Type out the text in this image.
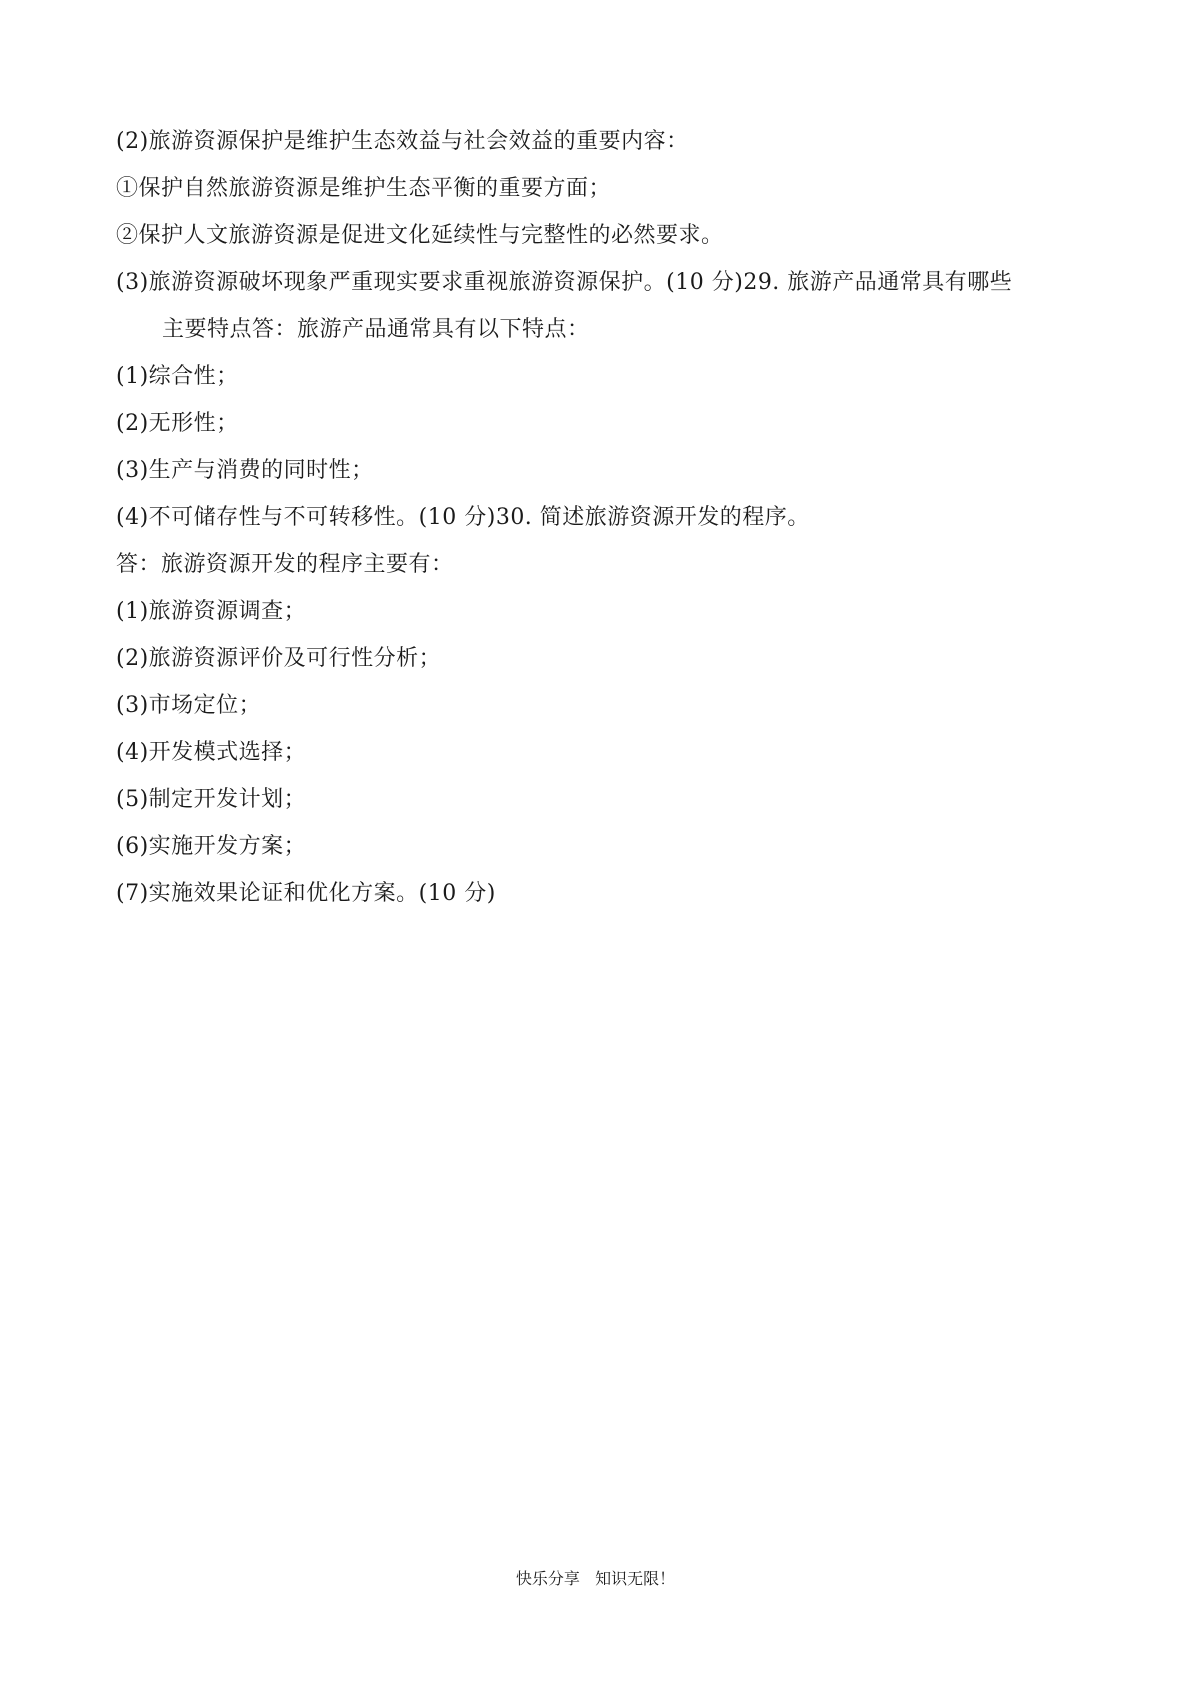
(2)旅游资源保护是维护生态效益与社会效益的重要内容：
①保护自然旅游资源是维护生态平衡的重要方面；
②保护人文旅游资源是促进文化延续性与完整性的必然要求。
(3)旅游资源破坏现象严重现实要求重视旅游资源保护。(10 分)29. 旅游产品通常具有哪些
主要特点答：旅游产品通常具有以下特点：
(1)综合性；
(2)无形性；
(3)生产与消费的同时性；
(4)不可储存性与不可转移性。(10 分)30. 简述旅游资源开发的程序。
答：旅游资源开发的程序主要有：
(1)旅游资源调查；
(2)旅游资源评价及可行性分析；
(3)市场定位；
(4)开发模式选择；
(5)制定开发计划；
(6)实施开发方案；
(7)实施效果论证和优化方案。(10 分)
快乐分享   知识无限！
